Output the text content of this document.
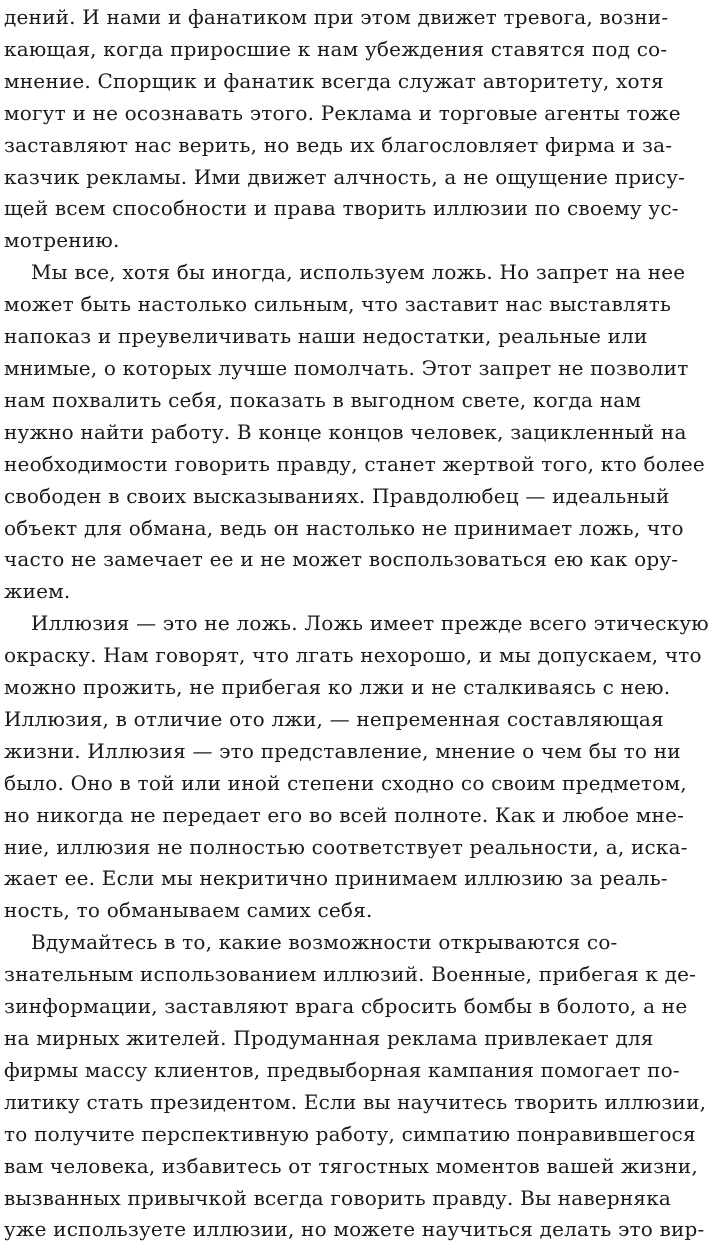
дений. И нами и фанатиком при этом движет тревога, возни-
кающая, когда приросшие к нам убеждения ставятся под со-
мнение. Спорщик и фанатик всегда служат авторитету, хотя
могут и не осознавать этого. Реклама и торговые агенты тоже
заставляют нас верить, но ведь их благословляет фирма и за-
казчик рекламы. Ими движет алчность, а не ощущение прису-
щей всем способности и права творить иллюзии по своему ус-
мотрению.
Мы все, хотя бы иногда, используем ложь. Но запрет на нее
может быть настолько сильным, что заставит нас выставлять
напоказ и преувеличивать наши недостатки, реальные или
мнимые, о которых лучше помолчать. Этот запрет не позволит
нам похвалить себя, показать в выгодном свете, когда нам
нужно найти работу. В конце концов человек, зацикленный на
необходимости говорить правду, станет жертвой того, кто более
свободен в своих высказываниях. Правдолюбец — идеальный
объект для обмана, ведь он настолько не принимает ложь, что
часто не замечает ее и не может воспользоваться ею как ору-
жием.
Иллюзия — это не ложь. Ложь имеет прежде всего этическую
окраску. Нам говорят, что лгать нехорошо, и мы допускаем, что
можно прожить, не прибегая ко лжи и не сталкиваясь с нею.
Иллюзия, в отличие ото лжи, — непременная составляющая
жизни. Иллюзия — это представление, мнение о чем бы то ни
было. Оно в той или иной степени сходно со своим предметом,
но никогда не передает его во всей полноте. Как и любое мне-
ние, иллюзия не полностью соответствует реальности, а, иска-
жает ее. Если мы некритично принимаем иллюзию за реаль-
ность, то обманываем самих себя.
Вдумайтесь в то, какие возможности открываются со-
знательным использованием иллюзий. Военные, прибегая к де-
зинформации, заставляют врага сбросить бомбы в болото, а не
на мирных жителей. Продуманная реклама привлекает для
фирмы массу клиентов, предвыборная кампания помогает по-
литику стать президентом. Если вы научитесь творить иллюзии,
то получите перспективную работу, симпатию понравившегося
вам человека, избавитесь от тягостных моментов вашей жизни,
вызванных привычкой всегда говорить правду. Вы наверняка
уже используете иллюзии, но можете научиться делать это вир-
